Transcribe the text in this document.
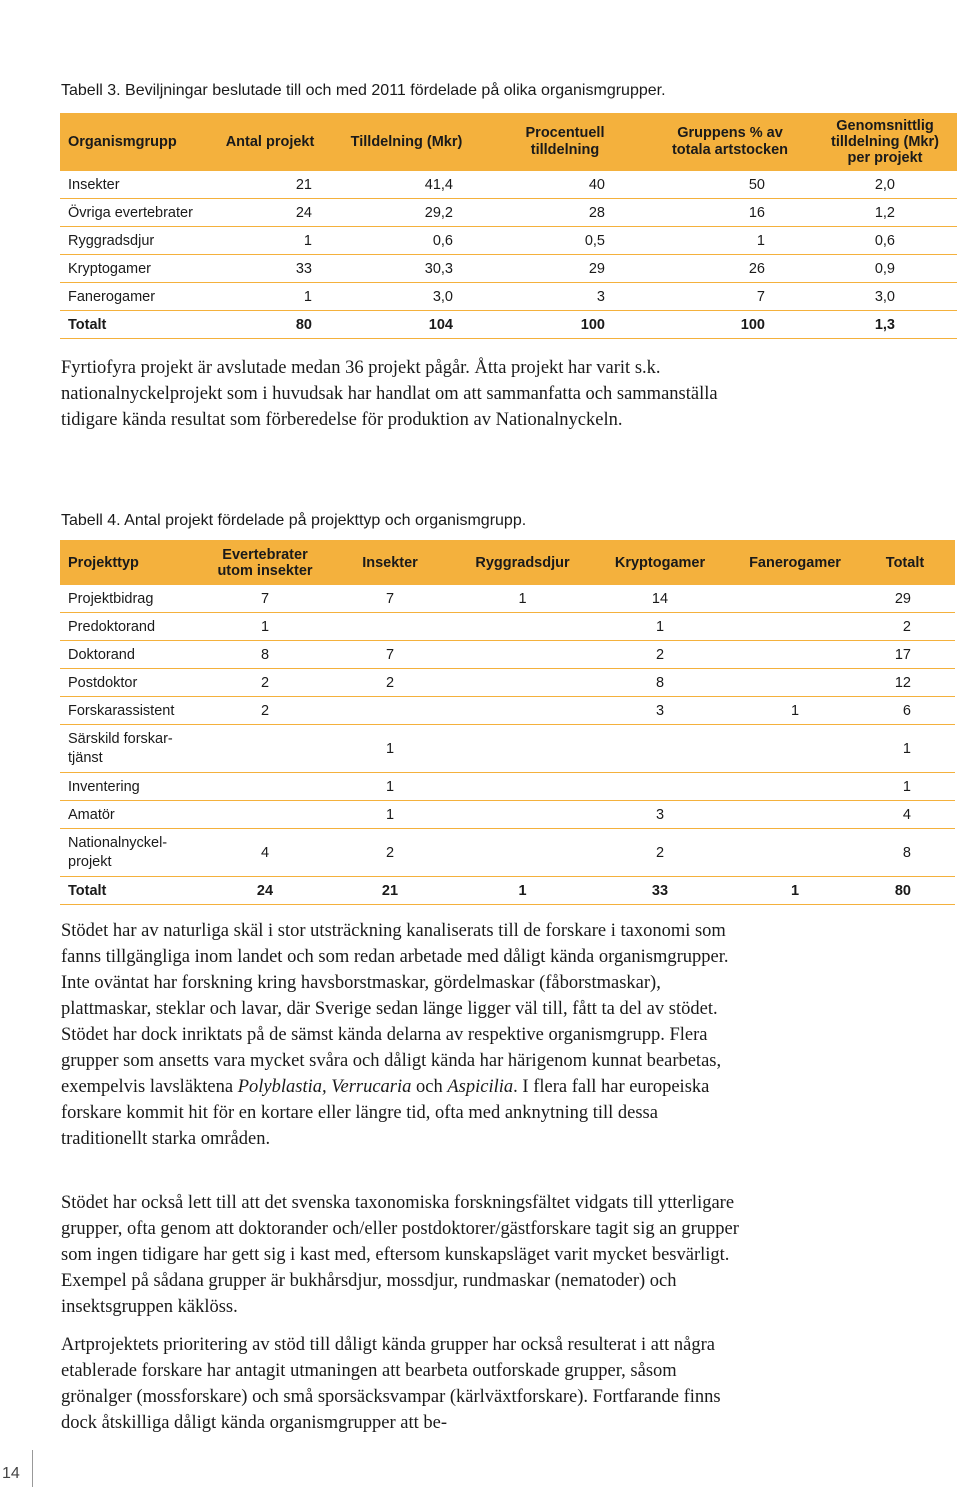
Tabell 3. Beviljningar beslutade till och med 2011 fördelade på olika organismgrupper.
Organismgrupp	Antal projekt	Tilldelning (Mkr)	Procentuell tilldelning	Gruppens % av totala artstocken	Genomsnittlig tilldelning (Mkr) per projekt
Insekter	21	41,4	40	50	2,0
Övriga evertebrater	24	29,2	28	16	1,2
Ryggradsdjur	1	0,6	0,5	1	0,6
Kryptogamer	33	30,3	29	26	0,9
Fanerogamer	1	3,0	3	7	3,0
Totalt	80	104	100	100	1,3

Fyrtiofyra projekt är avslutade medan 36 projekt pågår. Åtta projekt har varit s.k. nationalnyckelprojekt som i huvudsak har handlat om att sammanfatta och sammanställa tidigare kända resultat som förberedelse för produktion av Nationalnyckeln.

Tabell 4. Antal projekt fördelade på projekttyp och organismgrupp.
Projekttyp	Evertebrater utom insekter	Insekter	Ryggradsdjur	Kryptogamer	Fanerogamer	Totalt
Projektbidrag	7	7	1	14		29
Predoktorand	1			1		2
Doktorand	8	7		2		17
Postdoktor	2	2		8		12
Forskarassistent	2			3	1	6
Särskild forskar-
tjänst		1				1
Inventering		1				1
Amatör		1		3		4
Nationalnyckel-
projekt	4	2		2		8
Totalt	24	21	1	33	1	80

Stödet har av naturliga skäl i stor utsträckning kanaliserats till de forskare i taxonomi som fanns tillgängliga inom landet och som redan arbetade med dåligt kända organismgrupper. Inte oväntat har forskning kring havsborstmaskar, gördelmaskar (fåborstmaskar), plattmaskar, steklar och lavar, där Sverige sedan länge ligger väl till, fått ta del av stödet. Stödet har dock inriktats på de sämst kända delarna av respektive organismgrupp. Flera grupper som ansetts vara mycket svåra och dåligt kända har härigenom kunnat bearbetas, exempelvis lavsläktena Polyblastia, Verrucaria och Aspicilia. I flera fall har europeiska forskare kommit hit för en kortare eller längre tid, ofta med anknytning till dessa traditionellt starka områden.

Stödet har också lett till att det svenska taxonomiska forskningsfältet vidgats till ytterligare grupper, ofta genom att doktorander och/eller postdoktorer/gästforskare tagit sig an grupper som ingen tidigare har gett sig i kast med, eftersom kunskapsläget varit mycket besvärligt. Exempel på sådana grupper är bukhårsdjur, mossdjur, rundmaskar (nematoder) och insektsgruppen käklöss.

Artprojektets prioritering av stöd till dåligt kända grupper har också resulterat i att några etablerade forskare har antagit utmaningen att bearbeta outforskade grupper, såsom grönalger (mossforskare) och små sporsäcksvampar (kärlväxtforskare). Fortfarande finns dock åtskilliga dåligt kända organismgrupper att be-

14
